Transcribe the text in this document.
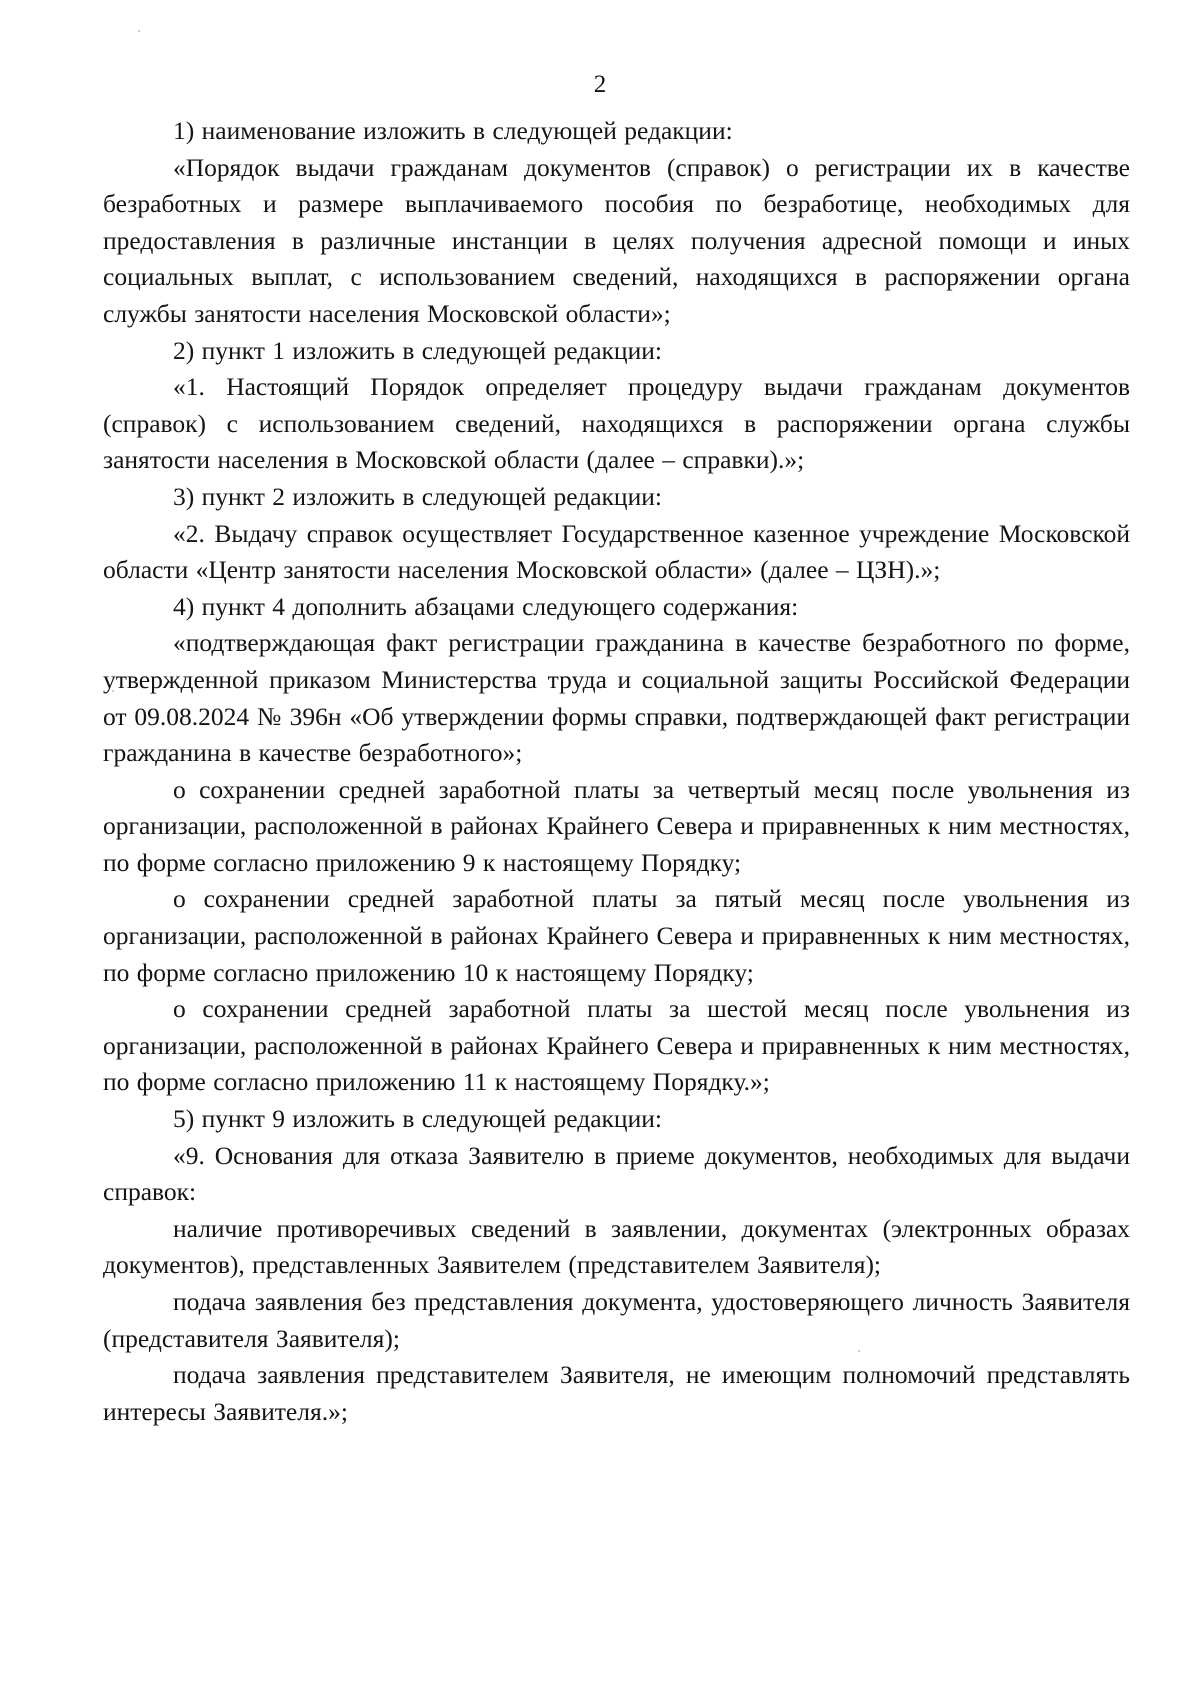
2

1) наименование изложить в следующей редакции:

«Порядок выдачи гражданам документов (справок) о регистрации их в качестве безработных и размере выплачиваемого пособия по безработице, необходимых для предоставления в различные инстанции в целях получения адресной помощи и иных социальных выплат, с использованием сведений, находящихся в распоряжении органа службы занятости населения Московской области»;

2) пункт 1 изложить в следующей редакции:

«1. Настоящий Порядок определяет процедуру выдачи гражданам документов (справок) с использованием сведений, находящихся в распоряжении органа службы занятости населения в Московской области (далее – справки).»;

3) пункт 2 изложить в следующей редакции:

«2. Выдачу справок осуществляет Государственное казенное учреждение Московской области «Центр занятости населения Московской области» (далее – ЦЗН).»;

4) пункт 4 дополнить абзацами следующего содержания:

«подтверждающая факт регистрации гражданина в качестве безработного по форме, утвержденной приказом Министерства труда и социальной защиты Российской Федерации от 09.08.2024 № 396н «Об утверждении формы справки, подтверждающей факт регистрации гражданина в качестве безработного»;

о сохранении средней заработной платы за четвертый месяц после увольнения из организации, расположенной в районах Крайнего Севера и приравненных к ним местностях, по форме согласно приложению 9 к настоящему Порядку;

о сохранении средней заработной платы за пятый месяц после увольнения из организации, расположенной в районах Крайнего Севера и приравненных к ним местностях, по форме согласно приложению 10 к настоящему Порядку;

о сохранении средней заработной платы за шестой месяц после увольнения из организации, расположенной в районах Крайнего Севера и приравненных к ним местностях, по форме согласно приложению 11 к настоящему Порядку.»;

5) пункт 9 изложить в следующей редакции:

«9. Основания для отказа Заявителю в приеме документов, необходимых для выдачи справок:

наличие противоречивых сведений в заявлении, документах (электронных образах документов), представленных Заявителем (представителем Заявителя);

подача заявления без представления документа, удостоверяющего личность Заявителя (представителя Заявителя);

подача заявления представителем Заявителя, не имеющим полномочий представлять интересы Заявителя.»;
